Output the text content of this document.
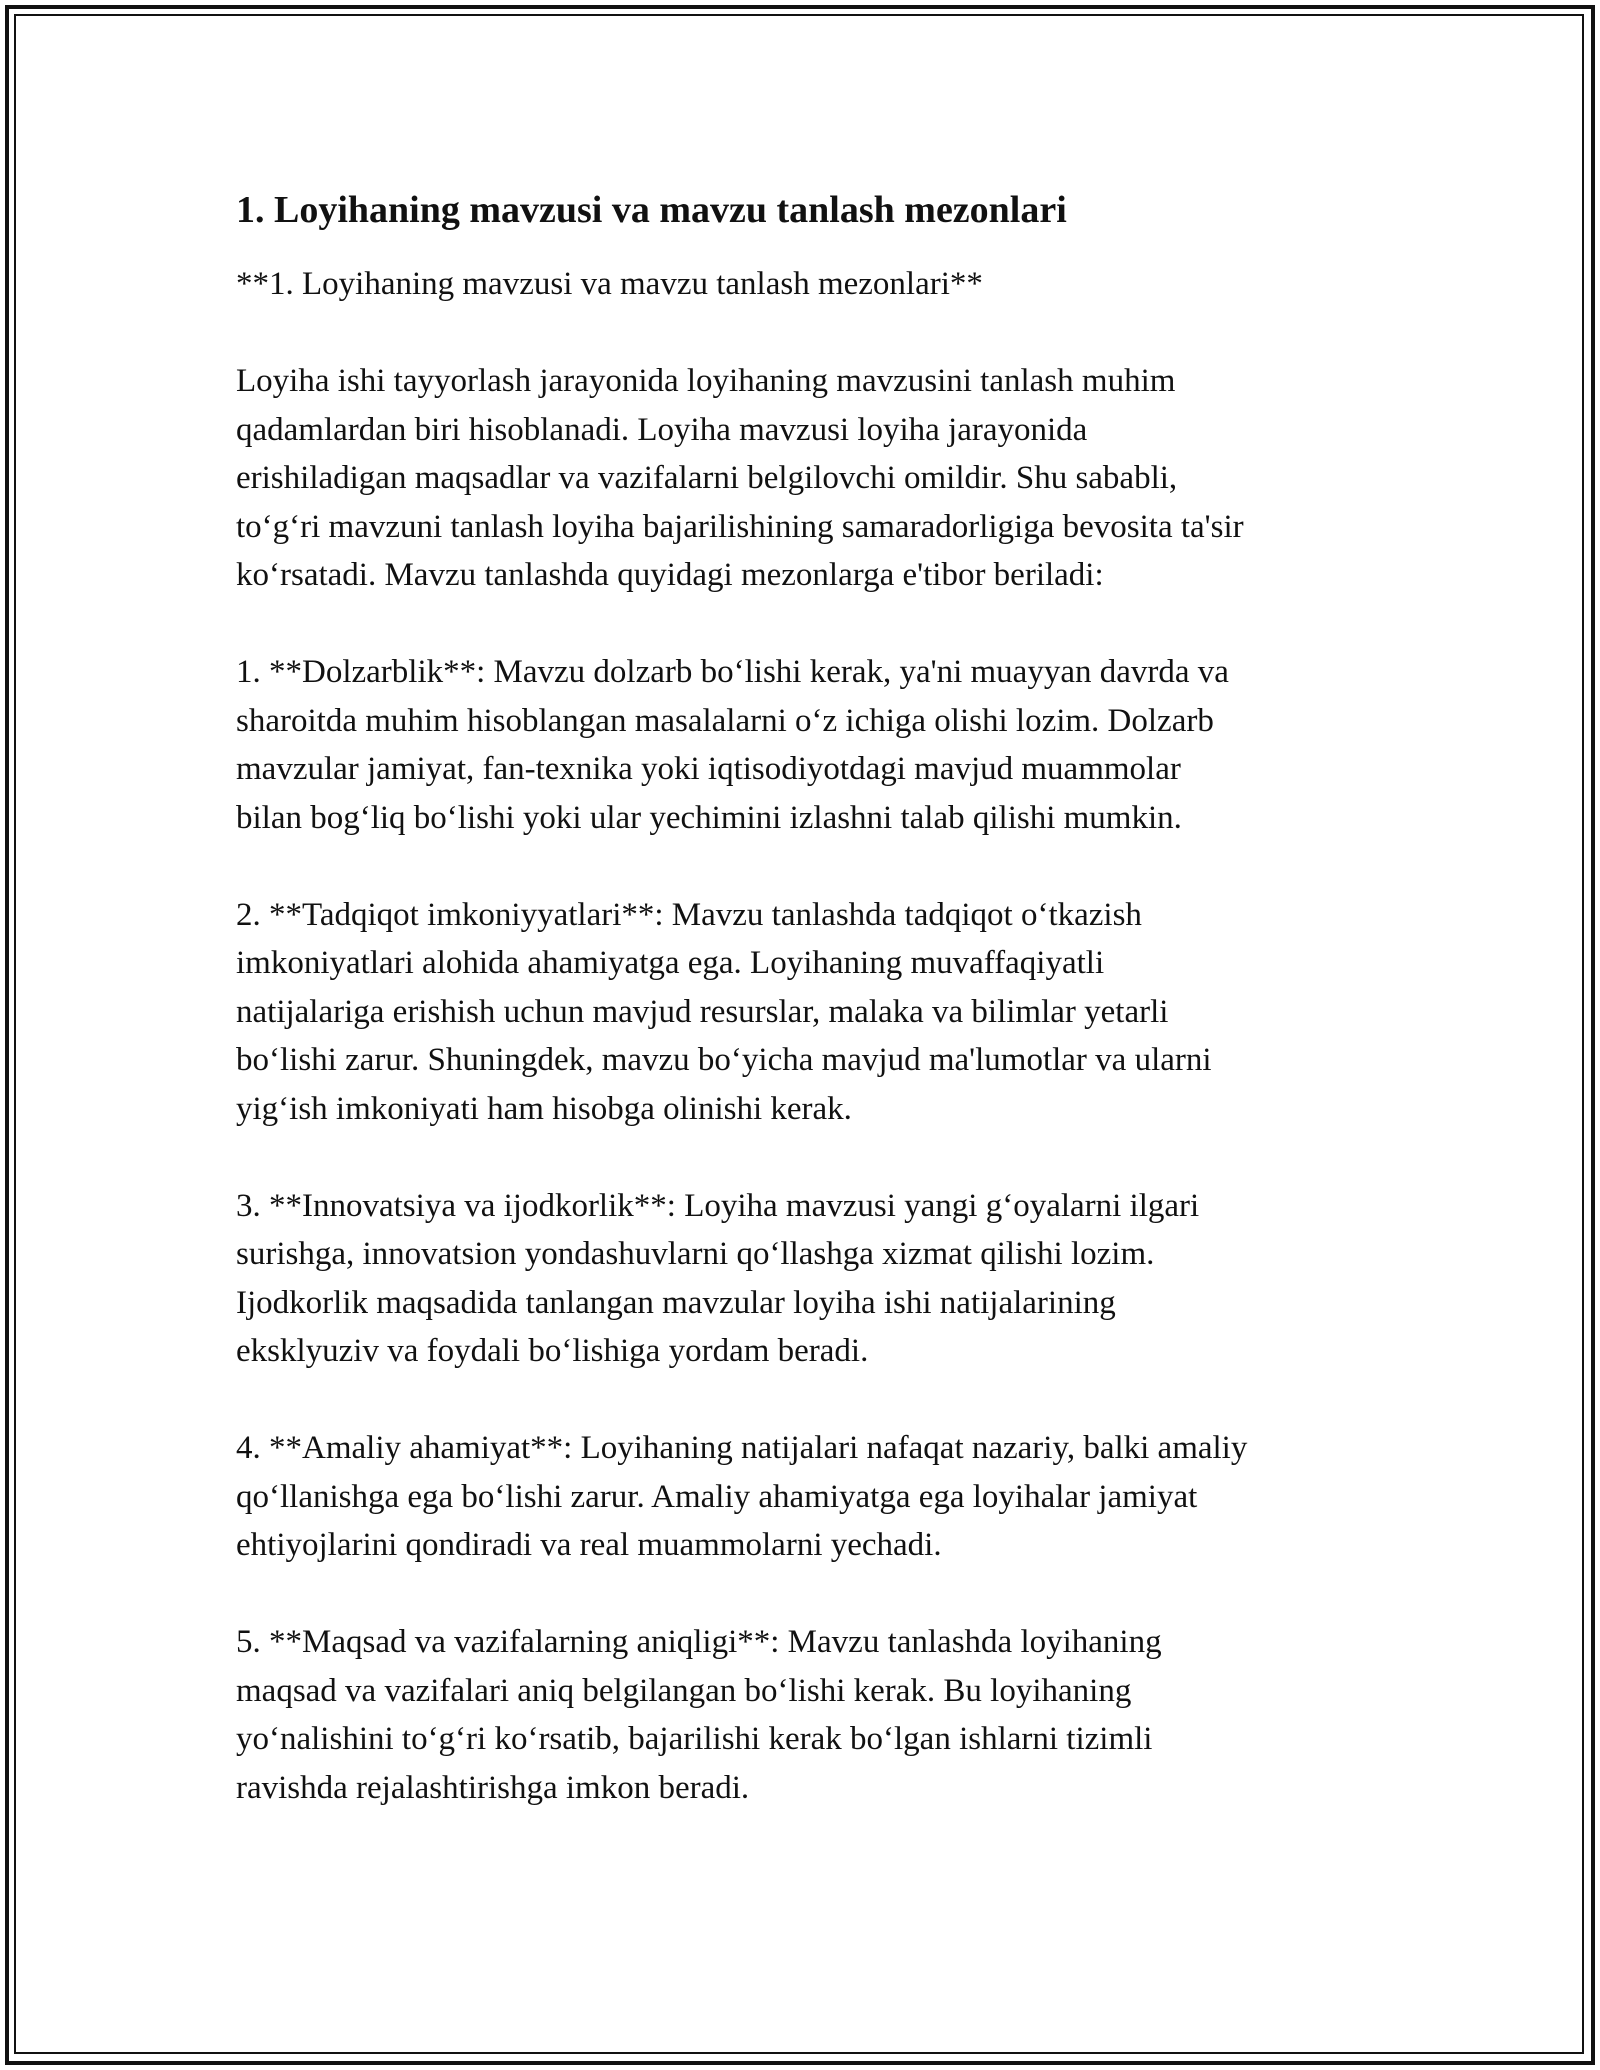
1. Loyihaning mavzusi va mavzu tanlash mezonlari

**1. Loyihaning mavzusi va mavzu tanlash mezonlari**

Loyiha ishi tayyorlash jarayonida loyihaning mavzusini tanlash muhim
qadamlardan biri hisoblanadi. Loyiha mavzusi loyiha jarayonida
erishiladigan maqsadlar va vazifalarni belgilovchi omildir. Shu sababli,
to‘g‘ri mavzuni tanlash loyiha bajarilishining samaradorligiga bevosita ta'sir
ko‘rsatadi. Mavzu tanlashda quyidagi mezonlarga e'tibor beriladi:

1. **Dolzarblik**: Mavzu dolzarb bo‘lishi kerak, ya'ni muayyan davrda va
sharoitda muhim hisoblangan masalalarni o‘z ichiga olishi lozim. Dolzarb
mavzular jamiyat, fan-texnika yoki iqtisodiyotdagi mavjud muammolar
bilan bog‘liq bo‘lishi yoki ular yechimini izlashni talab qilishi mumkin.

2. **Tadqiqot imkoniyyatlari**: Mavzu tanlashda tadqiqot o‘tkazish
imkoniyatlari alohida ahamiyatga ega. Loyihaning muvaffaqiyatli
natijalariga erishish uchun mavjud resurslar, malaka va bilimlar yetarli
bo‘lishi zarur. Shuningdek, mavzu bo‘yicha mavjud ma'lumotlar va ularni
yig‘ish imkoniyati ham hisobga olinishi kerak.

3. **Innovatsiya va ijodkorlik**: Loyiha mavzusi yangi g‘oyalarni ilgari
surishga, innovatsion yondashuvlarni qo‘llashga xizmat qilishi lozim.
Ijodkorlik maqsadida tanlangan mavzular loyiha ishi natijalarining
eksklyuziv va foydali bo‘lishiga yordam beradi.

4. **Amaliy ahamiyat**: Loyihaning natijalari nafaqat nazariy, balki amaliy
qo‘llanishga ega bo‘lishi zarur. Amaliy ahamiyatga ega loyihalar jamiyat
ehtiyojlarini qondiradi va real muammolarni yechadi.

5. **Maqsad va vazifalarning aniqligi**: Mavzu tanlashda loyihaning
maqsad va vazifalari aniq belgilangan bo‘lishi kerak. Bu loyihaning
yo‘nalishini to‘g‘ri ko‘rsatib, bajarilishi kerak bo‘lgan ishlarni tizimli
ravishda rejalashtirishga imkon beradi.
